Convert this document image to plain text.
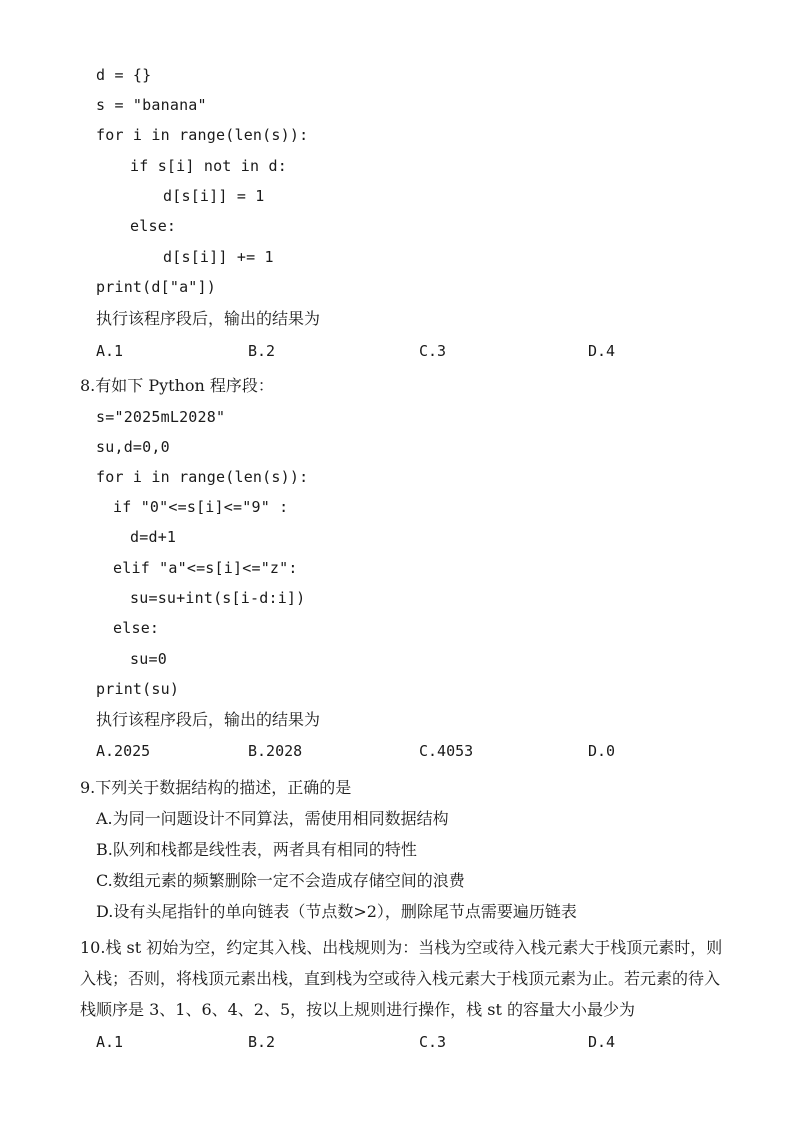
d = {}
s = "banana"
for i in range(len(s)):
if s[i] not in d:
d[s[i]] = 1
else:
d[s[i]] += 1
print(d["a"])
执行该程序段后，输出的结果为
A.1	B.2	C.3	D.4
8.有如下 Python 程序段：
s="2025mL2028"
su,d=0,0
for i in range(len(s)):
if "0"<=s[i]<="9" :
d=d+1
elif "a"<=s[i]<="z":
su=su+int(s[i-d:i])
else:
su=0
print(su)
执行该程序段后，输出的结果为
A.2025	B.2028	C.4053	D.0
9.下列关于数据结构的描述，正确的是
A.为同一问题设计不同算法，需使用相同数据结构
B.队列和栈都是线性表，两者具有相同的特性
C.数组元素的频繁删除一定不会造成存储空间的浪费
D.设有头尾指针的单向链表（节点数>2），删除尾节点需要遍历链表
10.栈 st 初始为空，约定其入栈、出栈规则为：当栈为空或待入栈元素大于栈顶元素时，则
入栈；否则，将栈顶元素出栈，直到栈为空或待入栈元素大于栈顶元素为止。若元素的待入
栈顺序是 3、1、6、4、2、5，按以上规则进行操作，栈 st 的容量大小最少为
A.1	B.2	C.3	D.4
